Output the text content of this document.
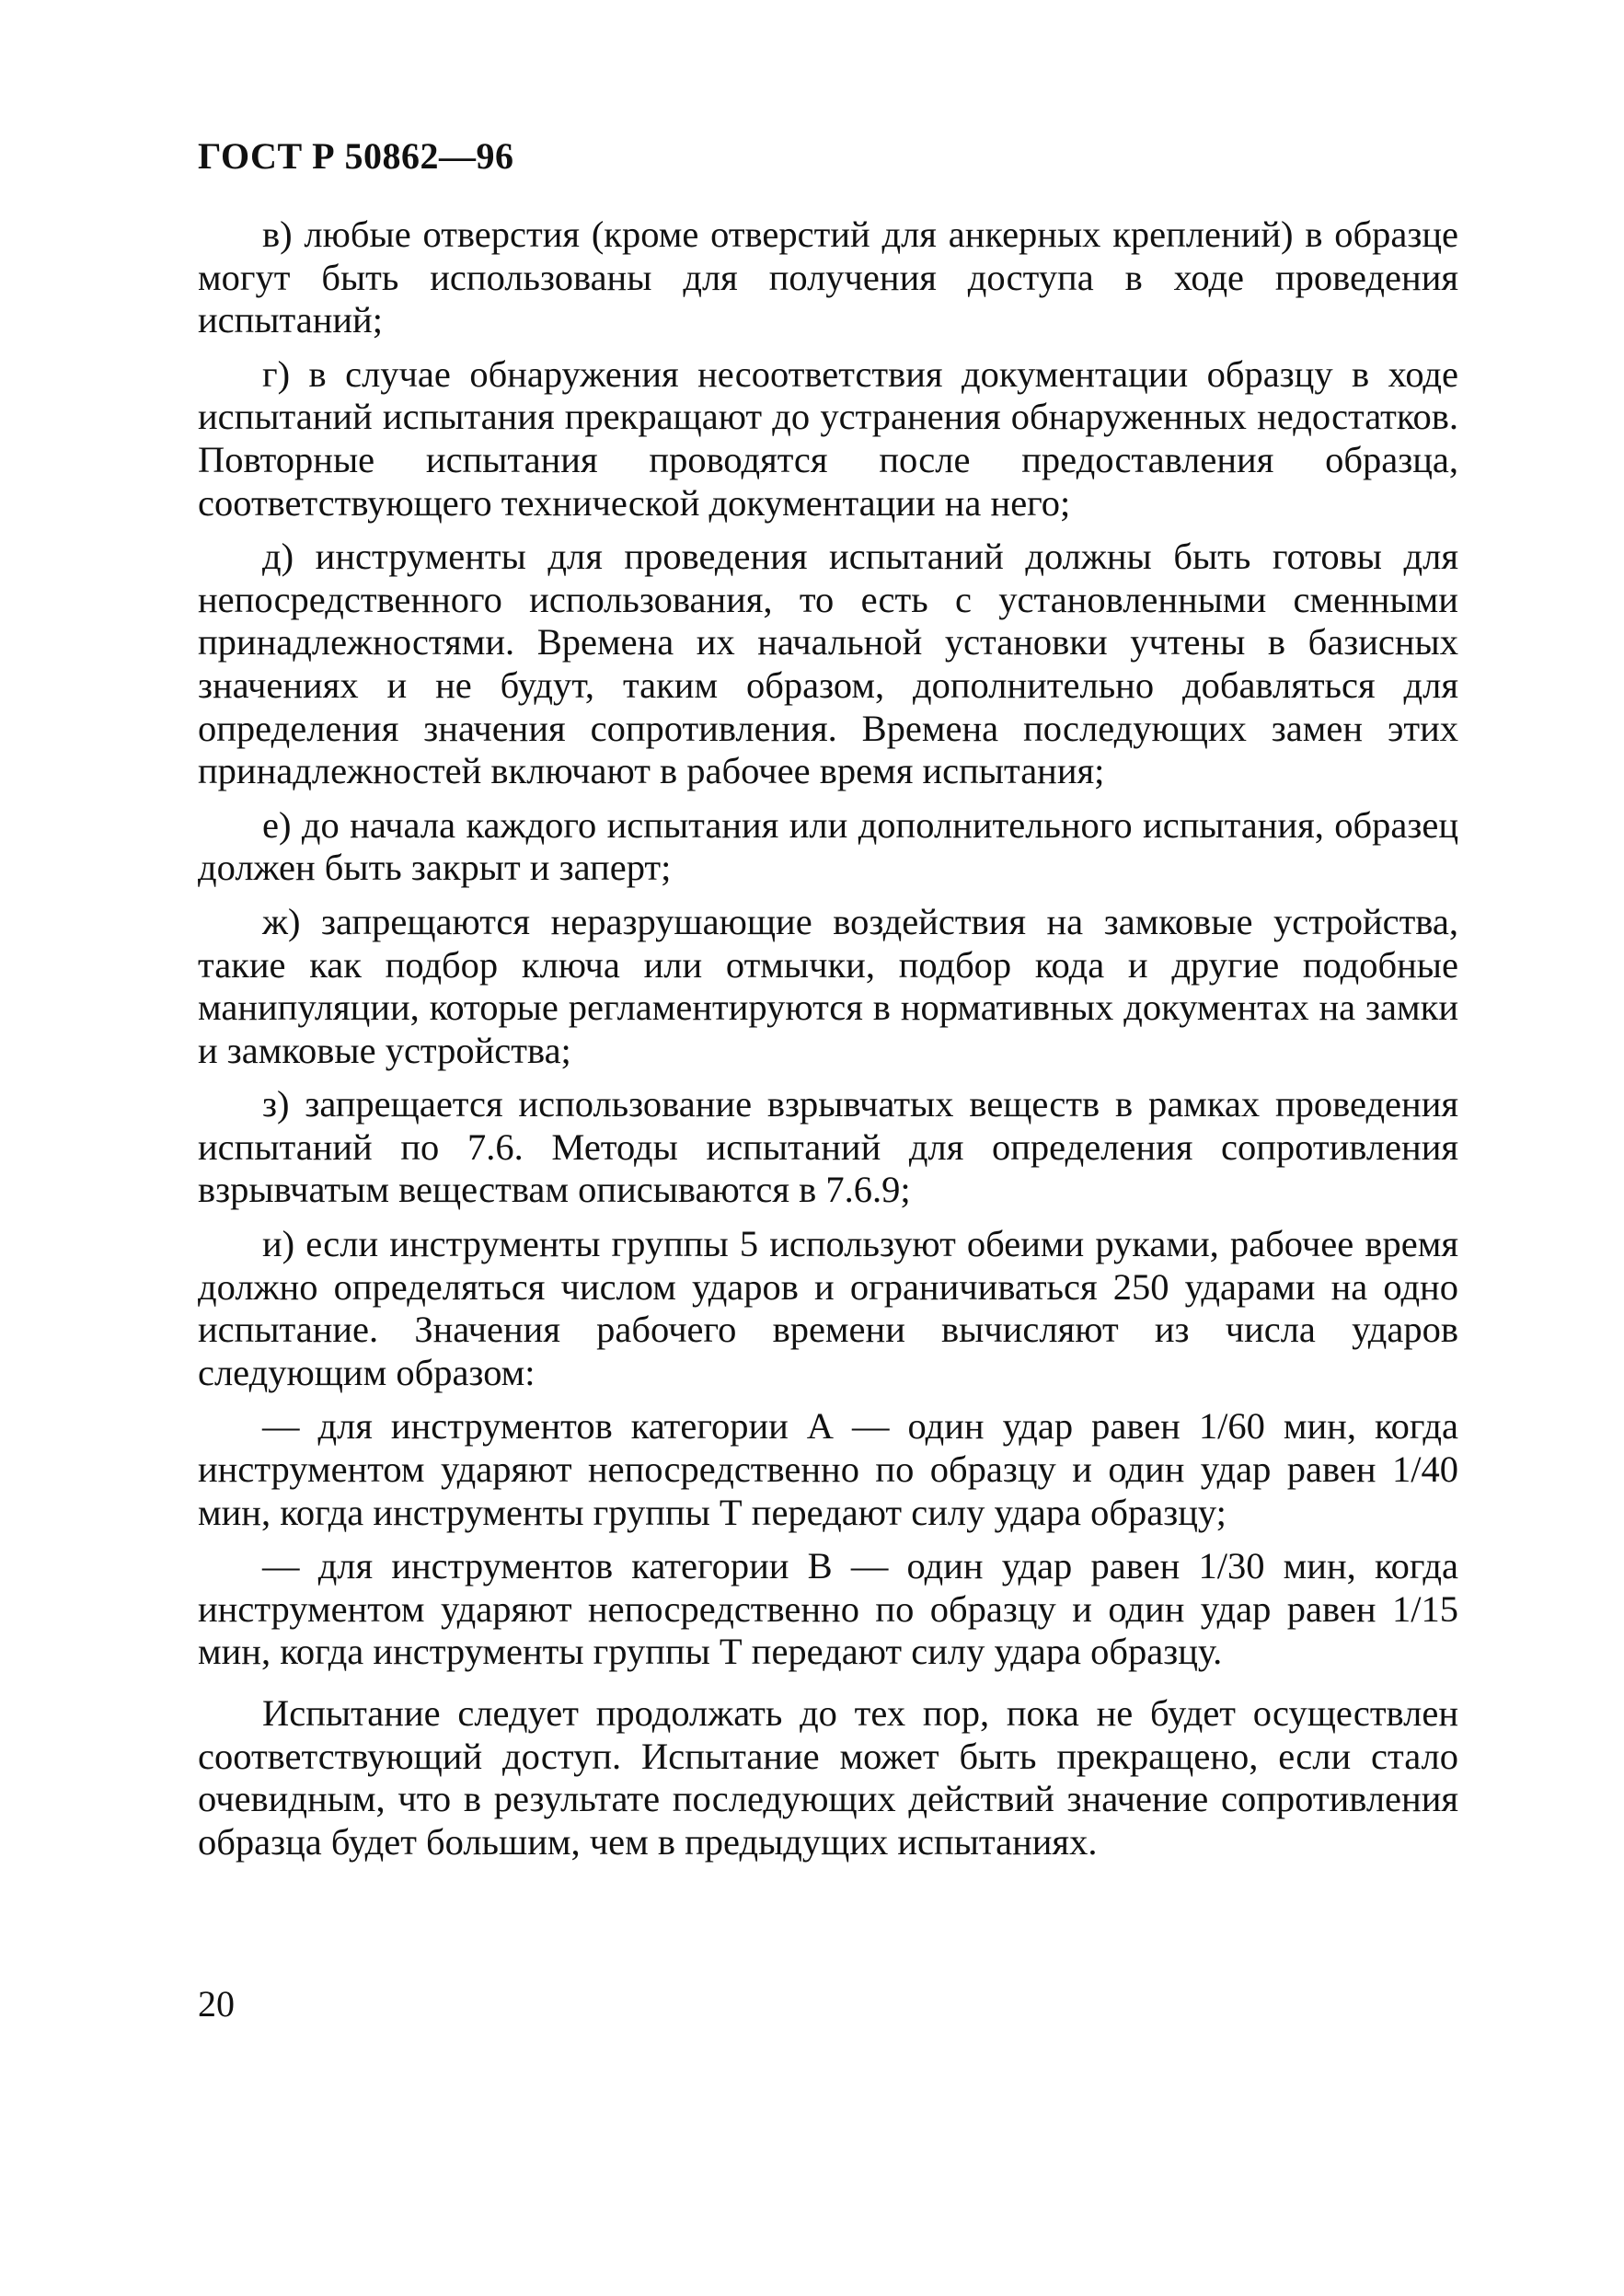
ГОСТ Р 50862—96

в) любые отверстия (кроме отверстий для анкерных креплений) в образце могут быть использованы для получения доступа в ходе проведения испытаний;

г) в случае обнаружения несоответствия документации образцу в ходе испытаний испытания прекращают до устранения обнаруженных недостатков. Повторные испытания проводятся после предоставления образца, соответствующего технической документации на него;

д) инструменты для проведения испытаний должны быть готовы для непосредственного использования, то есть с установленными сменными принадлежностями. Времена их начальной установки учтены в базисных значениях и не будут, таким образом, дополнительно добавляться для определения значения сопротивления. Времена последующих замен этих принадлежностей включают в рабочее время испытания;

е) до начала каждого испытания или дополнительного испытания, образец должен быть закрыт и заперт;

ж) запрещаются неразрушающие воздействия на замковые устройства, такие как подбор ключа или отмычки, подбор кода и другие подобные манипуляции, которые регламентируются в нормативных документах на замки и замковые устройства;

з) запрещается использование взрывчатых веществ в рамках проведения испытаний по 7.6. Методы испытаний для определения сопротивления взрывчатым веществам описываются в 7.6.9;

и) если инструменты группы 5 используют обеими руками, рабочее время должно определяться числом ударов и ограничиваться 250 ударами на одно испытание. Значения рабочего времени вычисляют из числа ударов следующим образом:

— для инструментов категории А — один удар равен 1/60 мин, когда инструментом ударяют непосредственно по образцу и один удар равен 1/40 мин, когда инструменты группы Т передают силу удара образцу;

— для инструментов категории В — один удар равен 1/30 мин, когда инструментом ударяют непосредственно по образцу и один удар равен 1/15 мин, когда инструменты группы Т передают силу удара образцу.

Испытание следует продолжать до тех пор, пока не будет осуществлен соответствующий доступ. Испытание может быть прекращено, если стало очевидным, что в результате последующих действий значение сопротивления образца будет большим, чем в предыдущих испытаниях.

20
